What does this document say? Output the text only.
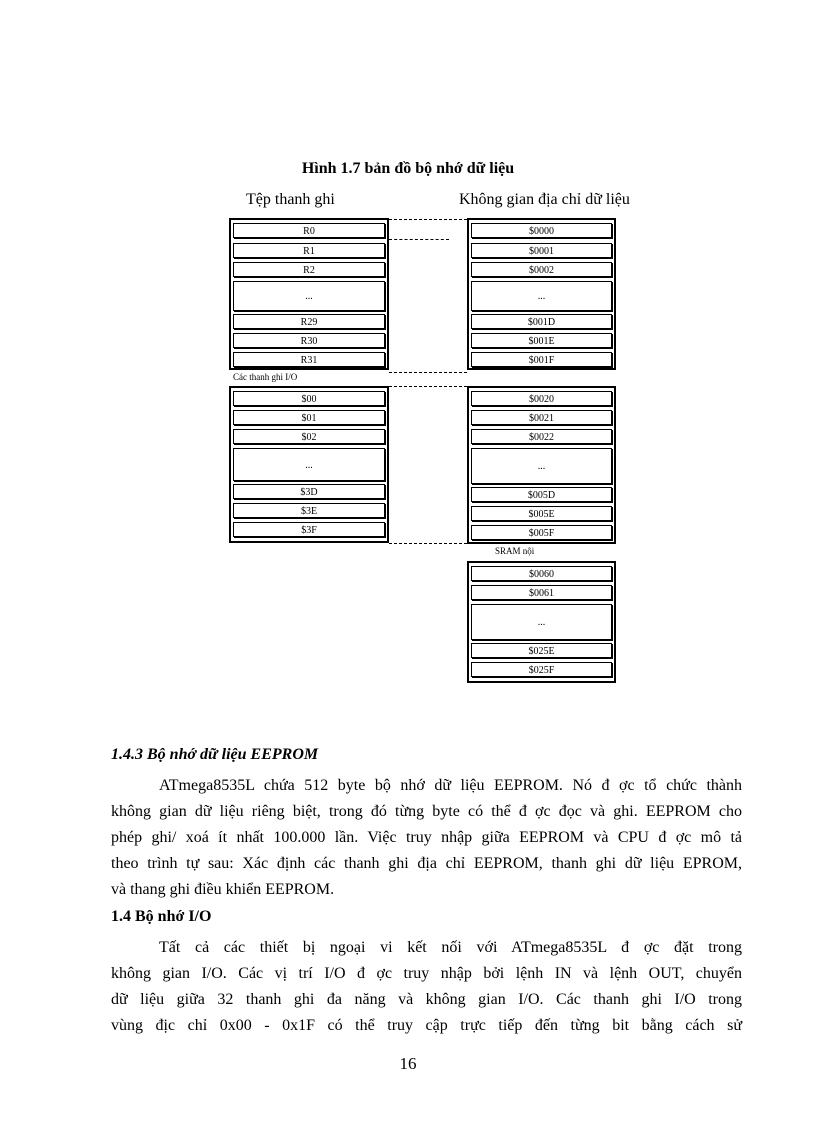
Hình 1.7 bản đồ bộ nhớ dữ liệu
Tệp thanh ghi	Không gian địa chỉ dữ liệu
R0
R1
R2
...
R29
R30
R31
Các thanh ghi I/O
$00
$01
$02
...
$3D
$3E
$3F
$0000
$0001
$0002
...
$001D
$001E
$001F
$0020
$0021
$0022
...
$005D
$005E
$005F
SRAM nội
$0060
$0061
...
$025E
$025F
1.4.3 Bộ nhớ dữ liệu EEPROM
ATmega8535L chứa 512 byte bộ nhớ dữ liệu EEPROM. Nó đ ợc tổ chức thành
không gian dữ liệu riêng biệt, trong đó từng byte có thể đ ợc đọc và ghi. EEPROM cho
phép ghi/ xoá ít nhất 100.000 lần. Việc truy nhập giữa EEPROM và CPU đ ợc mô tả
theo trình tự sau: Xác định các thanh ghi địa chỉ EEPROM, thanh ghi dữ liệu EPROM,
và thang ghi điều khiển EEPROM.
1.4 Bộ nhớ I/O
Tất cả các thiết bị ngoại vi kết nối với ATmega8535L đ ợc đặt trong
không gian I/O. Các vị trí I/O đ ợc truy nhập bởi lệnh IN và lệnh OUT, chuyển
dữ liệu giữa 32 thanh ghi đa năng và không gian I/O. Các thanh ghi I/O trong
vùng địc chỉ 0x00 - 0x1F có thể truy cập trực tiếp đến từng bit bằng cách sử
16
